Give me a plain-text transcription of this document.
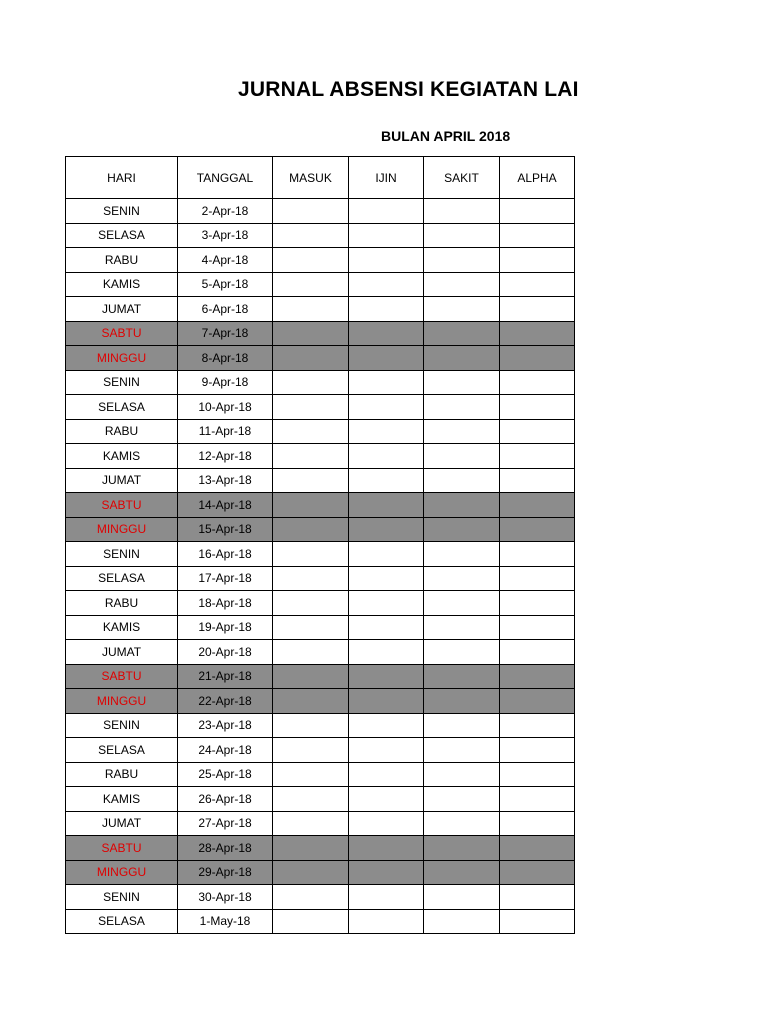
JURNAL ABSENSI KEGIATAN LAI
BULAN APRIL 2018
HARI	TANGGAL	MASUK	IJIN	SAKIT	ALPHA
SENIN	2-Apr-18				
SELASA	3-Apr-18				
RABU	4-Apr-18				
KAMIS	5-Apr-18				
JUMAT	6-Apr-18				
SABTU	7-Apr-18				
MINGGU	8-Apr-18				
SENIN	9-Apr-18				
SELASA	10-Apr-18				
RABU	11-Apr-18				
KAMIS	12-Apr-18				
JUMAT	13-Apr-18				
SABTU	14-Apr-18				
MINGGU	15-Apr-18				
SENIN	16-Apr-18				
SELASA	17-Apr-18				
RABU	18-Apr-18				
KAMIS	19-Apr-18				
JUMAT	20-Apr-18				
SABTU	21-Apr-18				
MINGGU	22-Apr-18				
SENIN	23-Apr-18				
SELASA	24-Apr-18				
RABU	25-Apr-18				
KAMIS	26-Apr-18				
JUMAT	27-Apr-18				
SABTU	28-Apr-18				
MINGGU	29-Apr-18				
SENIN	30-Apr-18				
SELASA	1-May-18				
